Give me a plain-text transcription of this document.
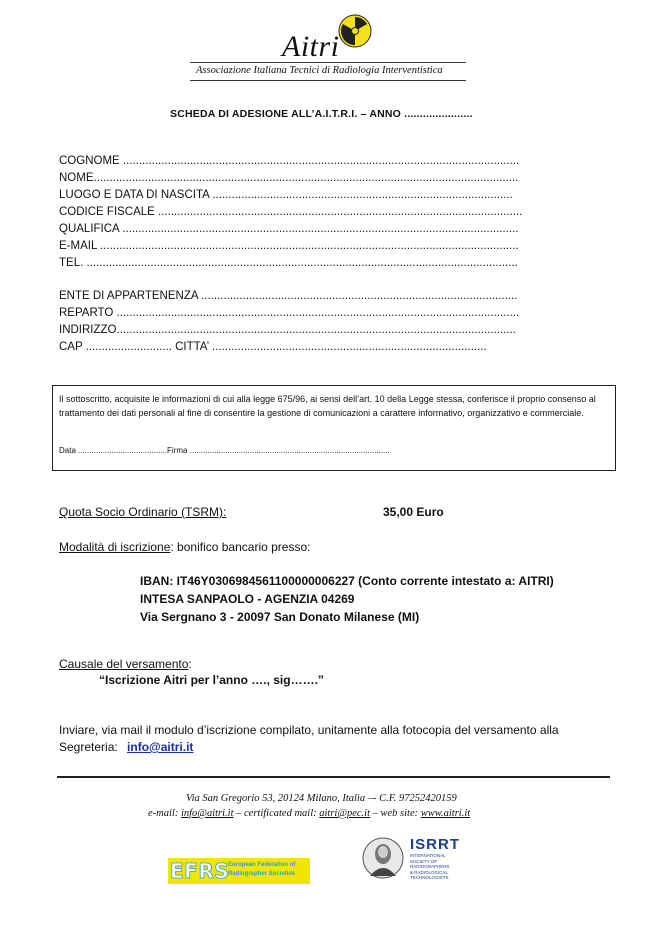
Aitri
Associazione Italiana Tecnici di Radiologia Interventistica
SCHEDA DI ADESIONE ALL’A.I.T.R.I. – ANNO ......................
COGNOME ............................................................................................................................
NOME.....................................................................................................................................
LUOGO E DATA DI NASCITA ..............................................................................................
CODICE FISCALE ..................................................................................................................
QUALIFICA ............................................................................................................................
E-MAIL ...................................................................................................................................
TEL. .......................................................................................................................................
ENTE DI APPARTENENZA ...................................................................................................
REPARTO ..............................................................................................................................
INDIRIZZO.............................................................................................................................
CAP ........................... CITTA’ ......................................................................................
Il sottoscritto, acquisite le informazioni di cui alla legge 675/96, ai sensi dell’art. 10 della Legge stessa, conferisce il proprio consenso al trattamento dei dati personali al fine di consentire la gestione di comunicazioni a carattere informativo, organizzativo e commerciale.
Data ........................................Firma ..........................................................................................
Quota Socio Ordinario (TSRM):	35,00 Euro
Modalità di iscrizione: bonifico bancario presso:
IBAN: IT46Y0306984561100000006227 (Conto corrente intestato a: AITRI)
INTESA SANPAOLO - AGENZIA 04269
Via Sergnano 3 - 20097 San Donato Milanese (MI)
Causale del versamento:
“Iscrizione Aitri per l’anno …., sig…….”
Inviare, via mail il modulo d’iscrizione compilato, unitamente alla fotocopia del versamento alla
Segreteria: info@aitri.it
Via San Gregorio 53, 20124 Milano, Italia –- C.F. 97252420159
e-mail: info@aitri.it – certificated mail: aitri@pec.it – web site: www.aitri.it
EFRS
European Federation of
Radiographer Societies
ISRRT
INTERNATIONAL
SOCIETY OF
RADIOGRAPHERS
& RADIOLOGICAL
TECHNOLOGISTS
